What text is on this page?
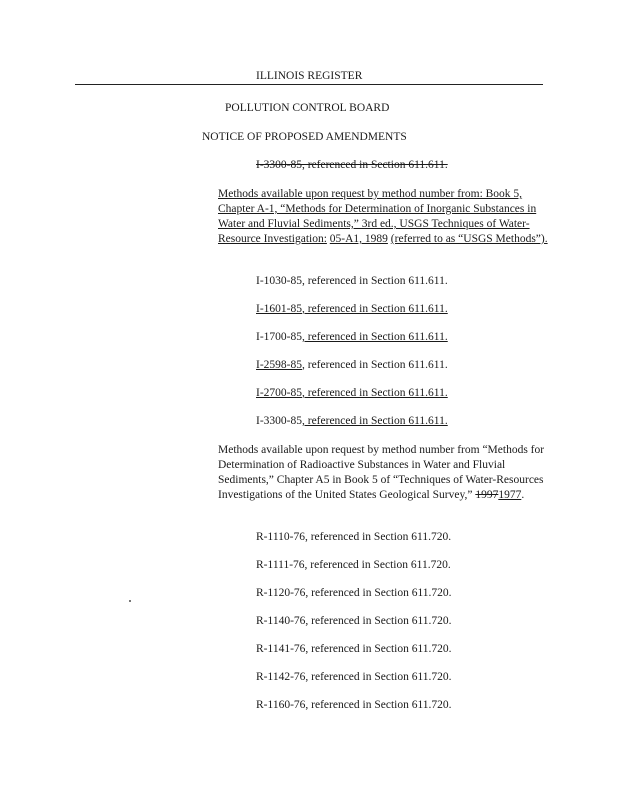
ILLINOIS REGISTER
POLLUTION CONTROL BOARD
NOTICE OF PROPOSED AMENDMENTS
I-3300-85, referenced in Section 611.611.
Methods available upon request by method number from: Book 5, Chapter A-1, “Methods for Determination of Inorganic Substances in Water and Fluvial Sediments,” 3rd ed., USGS Techniques of Water-Resource Investigation: 05-A1, 1989 (referred to as “USGS Methods”).
I-1030-85, referenced in Section 611.611.
I-1601-85, referenced in Section 611.611.
I-1700-85, referenced in Section 611.611.
I-2598-85, referenced in Section 611.611.
I-2700-85, referenced in Section 611.611.
I-3300-85, referenced in Section 611.611.
Methods available upon request by method number from “Methods for Determination of Radioactive Substances in Water and Fluvial Sediments,” Chapter A5 in Book 5 of “Techniques of Water-Resources Investigations of the United States Geological Survey,” 19971977.
R-1110-76, referenced in Section 611.720.
R-1111-76, referenced in Section 611.720.
R-1120-76, referenced in Section 611.720.
R-1140-76, referenced in Section 611.720.
R-1141-76, referenced in Section 611.720.
R-1142-76, referenced in Section 611.720.
R-1160-76, referenced in Section 611.720.
